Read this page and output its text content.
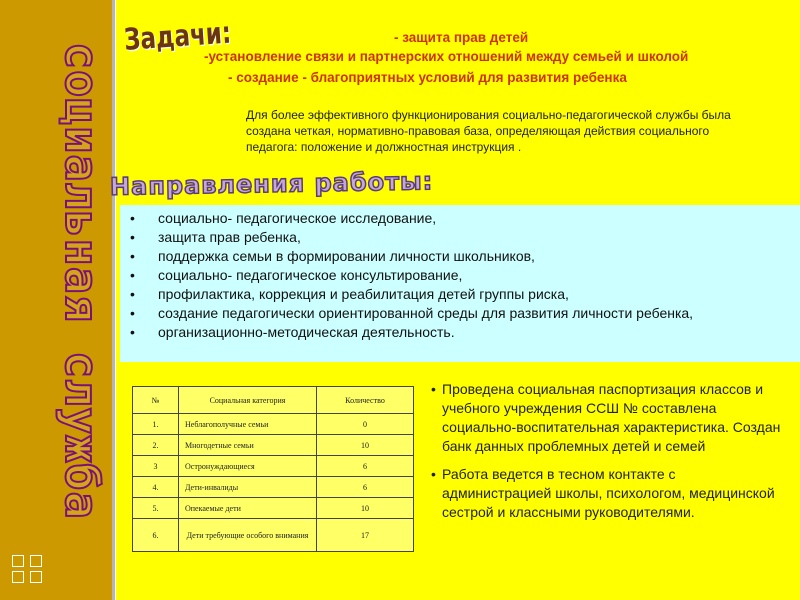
социальная служба
Задачи:	- защита прав детей
-установление связи и партнерских отношений между семьей и школой
- создание - благоприятных условий для развития ребенка
Для более эффективного функционирования социально-педагогической службы была создана четкая, нормативно-правовая база, определяющая действия социального педагога: положение и должностная инструкция .
• социально- педагогическое исследование,
• защита прав ребенка,
• поддержка семьи в формировании личности школьников,
• социально- педагогическое консультирование,
• профилактика, коррекция и реабилитация детей группы риска,
• создание педагогически ориентированной среды для развития личности ребенка,
• организационно-методическая деятельность.
Направления работы:
№	Социальная категория	Количество
1.	Неблагополучные семьи	0
2.	Многодетные семьи	10
3	Остронуждающиеся	6
4.	Дети-инвалиды	6
5.	Опекаемые дети	10
6.	Дети требующие особого внимания	17

• Проведена социальная паспортизация классов и учебного учреждения ССШ № составлена социально-воспитательная характеристика. Создан банк данных проблемных детей и семей

• Работа ведется в тесном контакте с администрацией школы, психологом, медицинской сестрой и классными руководителями.
